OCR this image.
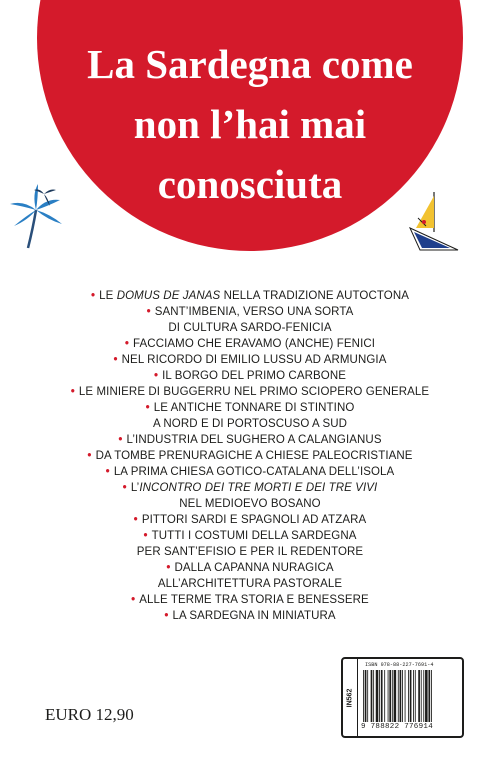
La Sardegna come
non l’hai mai
conosciuta
• LE DOMUS DE JANAS NELLA TRADIZIONE AUTOCTONA
• SANT’IMBENIA, VERSO UNA SORTA
DI CULTURA SARDO-FENICIA
• FACCIAMO CHE ERAVAMO (ANCHE) FENICI
• NEL RICORDO DI EMILIO LUSSU AD ARMUNGIA
• IL BORGO DEL PRIMO CARBONE
• LE MINIERE DI BUGGERRU NEL PRIMO SCIOPERO GENERALE
• LE ANTICHE TONNARE DI STINTINO
A NORD E DI PORTOSCUSO A SUD
• L’INDUSTRIA DEL SUGHERO A CALANGIANUS
• DA TOMBE PRENURAGICHE A CHIESE PALEOCRISTIANE
• LA PRIMA CHIESA GOTICO-CATALANA DELL’ISOLA
• L’INCONTRO DEI TRE MORTI E DEI TRE VIVI
NEL MEDIOEVO BOSANO
• PITTORI SARDI E SPAGNOLI AD ATZARA
• TUTTI I COSTUMI DELLA SARDEGNA
PER SANT’EFISIO E PER IL REDENTORE
• DALLA CAPANNA NURAGICA
ALL’ARCHITETTURA PASTORALE
• ALLE TERME TRA STORIA E BENESSERE
• LA SARDEGNA IN MINIATURA
EURO 12,90
IN562
ISBN 978-88-227-7691-4
9 788822 776914
